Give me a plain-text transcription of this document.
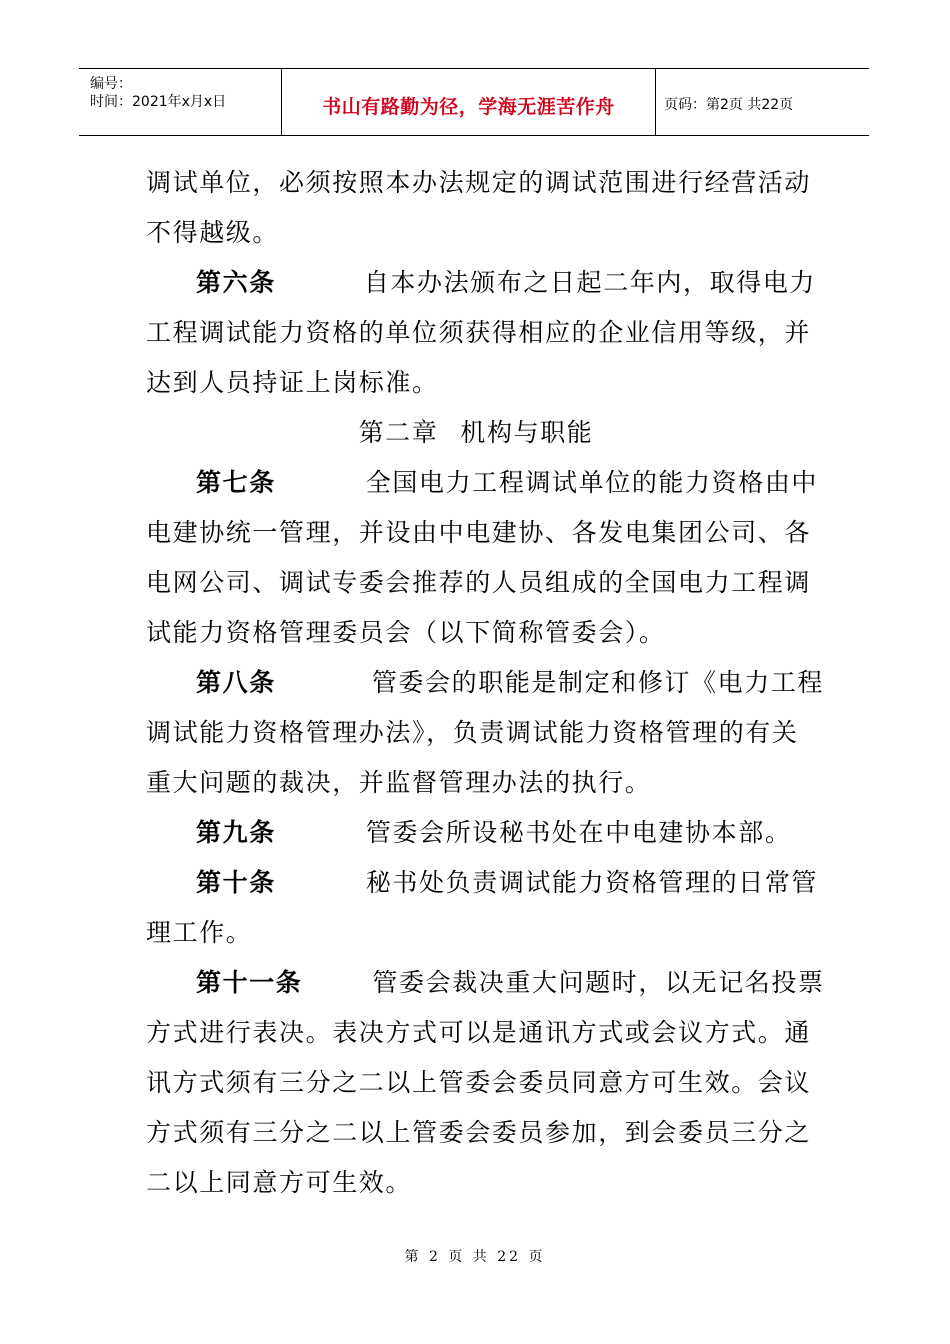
编号：
时间：2021年x月x日	书山有路勤为径，学海无涯苦作舟	页码：第2页 共22页
调试单位，必须按照本办法规定的调试范围进行经营活动
不得越级。
第六条	自本办法颁布之日起二年内，取得电力
工程调试能力资格的单位须获得相应的企业信用等级，并
达到人员持证上岗标准。
第二章 机构与职能
第七条	全国电力工程调试单位的能力资格由中
电建协统一管理，并设由中电建协、各发电集团公司、各
电网公司、调试专委会推荐的人员组成的全国电力工程调
试能力资格管理委员会（以下简称管委会）。
第八条	管委会的职能是制定和修订《电力工程
调试能力资格管理办法》，负责调试能力资格管理的有关
重大问题的裁决，并监督管理办法的执行。
第九条	管委会所设秘书处在中电建协本部。
第十条	秘书处负责调试能力资格管理的日常管
理工作。
第十一条	管委会裁决重大问题时，以无记名投票
方式进行表决。表决方式可以是通讯方式或会议方式。通
讯方式须有三分之二以上管委会委员同意方可生效。会议
方式须有三分之二以上管委会委员参加，到会委员三分之
二以上同意方可生效。
第 2 页 共 22 页
